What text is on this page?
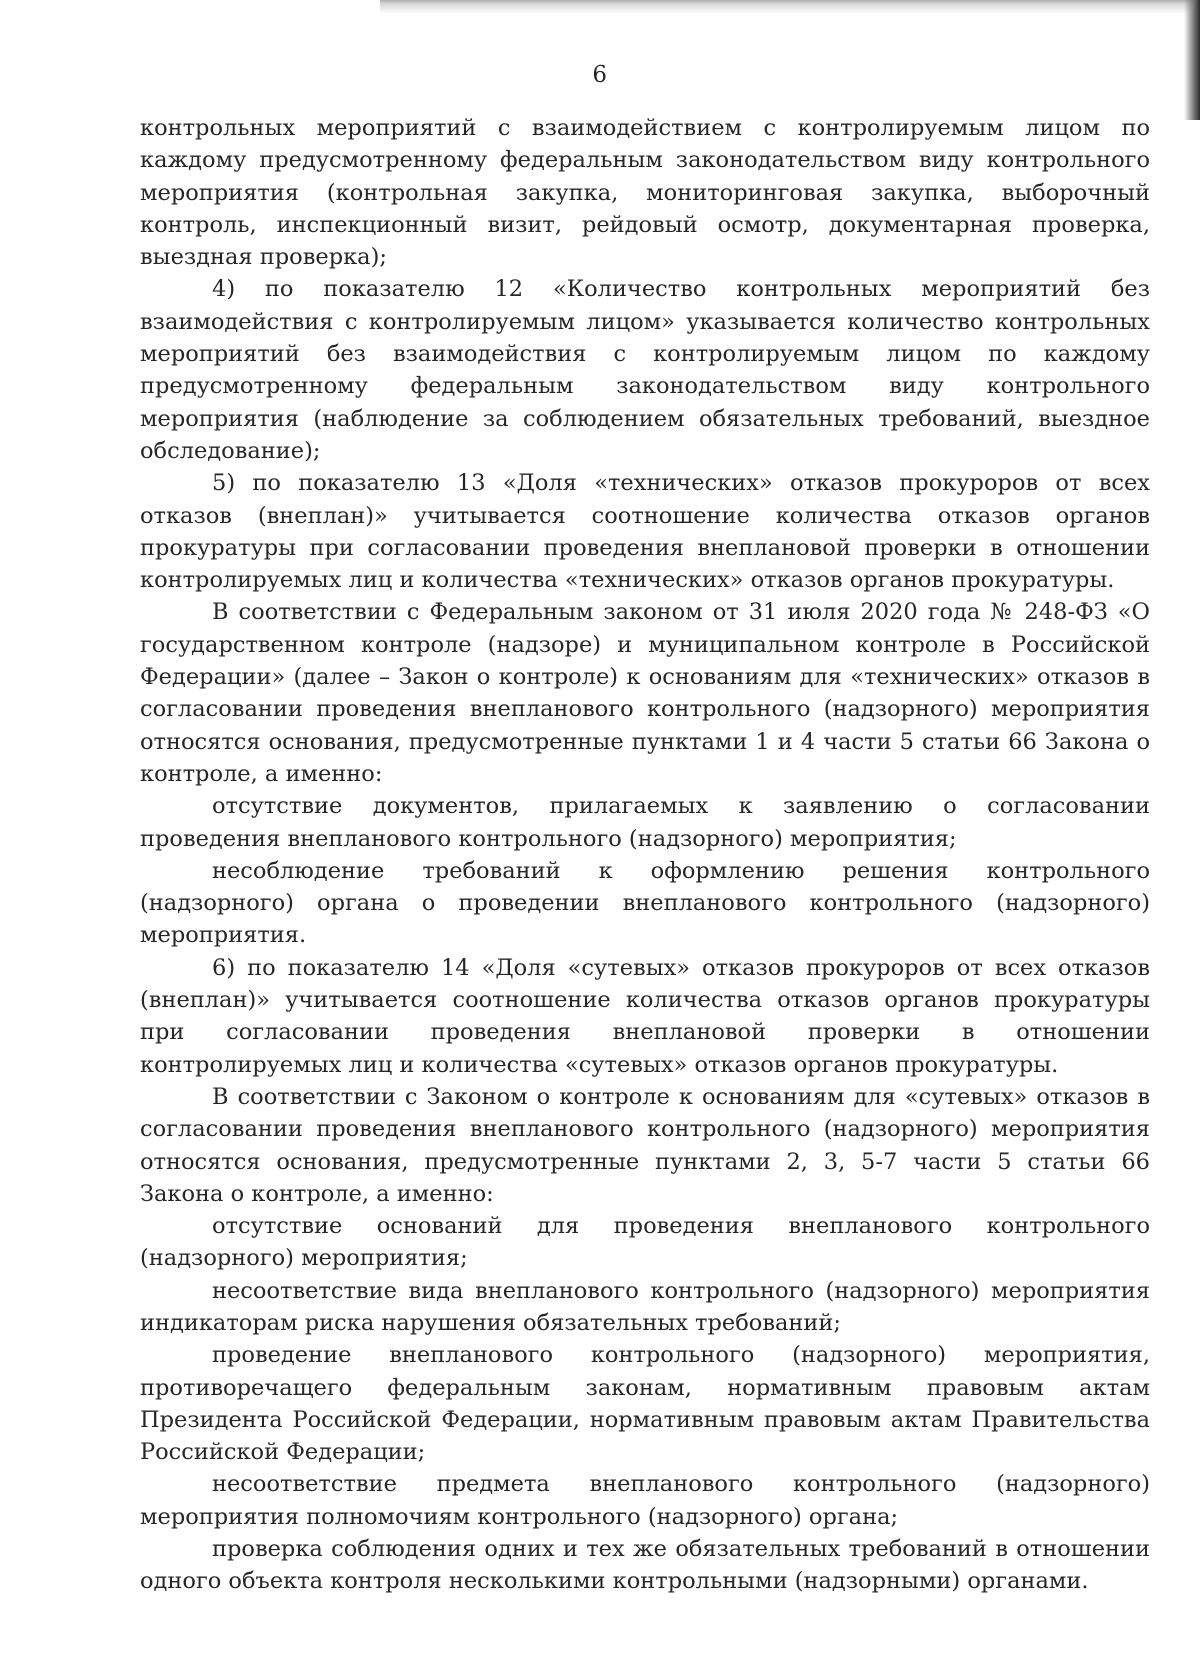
6

контрольных мероприятий с взаимодействием с контролируемым лицом по каждому предусмотренному федеральным законодательством виду контрольного мероприятия (контрольная закупка, мониторинговая закупка, выборочный контроль, инспекционный визит, рейдовый осмотр, документарная проверка, выездная проверка);

4) по показателю 12 «Количество контрольных мероприятий без взаимодействия с контролируемым лицом» указывается количество контрольных мероприятий без взаимодействия с контролируемым лицом по каждому предусмотренному федеральным законодательством виду контрольного мероприятия (наблюдение за соблюдением обязательных требований, выездное обследование);

5) по показателю 13 «Доля «технических» отказов прокуроров от всех отказов (внеплан)» учитывается соотношение количества отказов органов прокуратуры при согласовании проведения внеплановой проверки в отношении контролируемых лиц и количества «технических» отказов органов прокуратуры.

В соответствии с Федеральным законом от 31 июля 2020 года № 248-ФЗ «О государственном контроле (надзоре) и муниципальном контроле в Российской Федерации» (далее – Закон о контроле) к основаниям для «технических» отказов в согласовании проведения внепланового контрольного (надзорного) мероприятия относятся основания, предусмотренные пунктами 1 и 4 части 5 статьи 66 Закона о контроле, а именно:

отсутствие документов, прилагаемых к заявлению о согласовании проведения внепланового контрольного (надзорного) мероприятия;

несоблюдение требований к оформлению решения контрольного (надзорного) органа о проведении внепланового контрольного (надзорного) мероприятия.

6) по показателю 14 «Доля «сутевых» отказов прокуроров от всех отказов (внеплан)» учитывается соотношение количества отказов органов прокуратуры при согласовании проведения внеплановой проверки в отношении контролируемых лиц и количества «сутевых» отказов органов прокуратуры.

В соответствии с Законом о контроле к основаниям для «сутевых» отказов в согласовании проведения внепланового контрольного (надзорного) мероприятия относятся основания, предусмотренные пунктами 2, 3, 5-7 части 5 статьи 66 Закона о контроле, а именно:

отсутствие оснований для проведения внепланового контрольного (надзорного) мероприятия;

несоответствие вида внепланового контрольного (надзорного) мероприятия индикаторам риска нарушения обязательных требований;

проведение внепланового контрольного (надзорного) мероприятия, противоречащего федеральным законам, нормативным правовым актам Президента Российской Федерации, нормативным правовым актам Правительства Российской Федерации;

несоответствие предмета внепланового контрольного (надзорного) мероприятия полномочиям контрольного (надзорного) органа;

проверка соблюдения одних и тех же обязательных требований в отношении одного объекта контроля несколькими контрольными (надзорными) органами.
